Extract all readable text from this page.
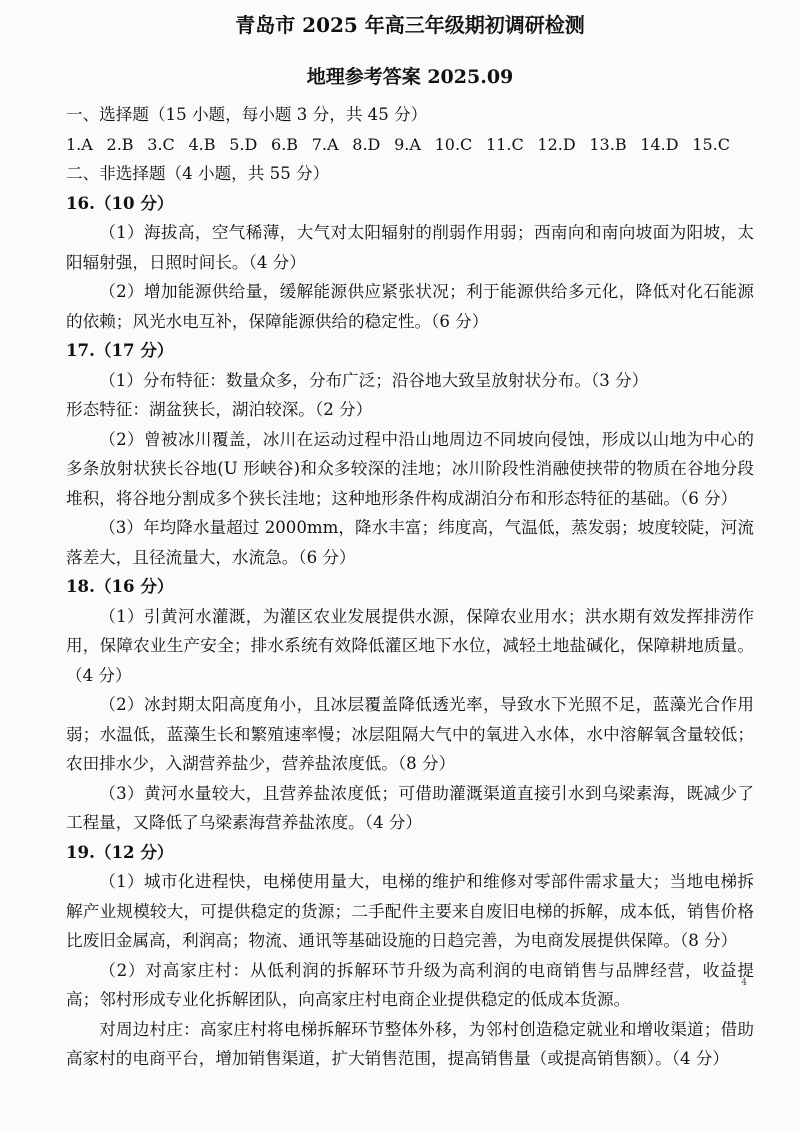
青岛市 2025 年高三年级期初调研检测
地理参考答案 2025.09
一、选择题（15 小题，每小题 3 分，共 45 分）
1.A 2.B 3.C 4.B 5.D 6.B 7.A 8.D 9.A 10.C 11.C 12.D 13.B 14.D 15.C
二、非选择题（4 小题，共 55 分）
16.（10 分）
（1）海拔高，空气稀薄，大气对太阳辐射的削弱作用弱；西南向和南向坡面为阳坡，太阳辐射强，日照时间长。（4 分）
（2）增加能源供给量，缓解能源供应紧张状况；利于能源供给多元化，降低对化石能源的依赖；风光水电互补，保障能源供给的稳定性。（6 分）
17.（17 分）
（1）分布特征：数量众多，分布广泛；沿谷地大致呈放射状分布。（3 分）
形态特征：湖盆狭长，湖泊较深。（2 分）
（2）曾被冰川覆盖，冰川在运动过程中沿山地周边不同坡向侵蚀，形成以山地为中心的多条放射状狭长谷地(U 形峡谷)和众多较深的洼地；冰川阶段性消融使挟带的物质在谷地分段堆积，将谷地分割成多个狭长洼地；这种地形条件构成湖泊分布和形态特征的基础。（6 分）
（3）年均降水量超过 2000mm，降水丰富；纬度高，气温低，蒸发弱；坡度较陡，河流落差大，且径流量大，水流急。（6 分）
18.（16 分）
（1）引黄河水灌溉，为灌区农业发展提供水源，保障农业用水；洪水期有效发挥排涝作用，保障农业生产安全；排水系统有效降低灌区地下水位，减轻土地盐碱化，保障耕地质量。（4 分）
（2）冰封期太阳高度角小，且冰层覆盖降低透光率，导致水下光照不足，蓝藻光合作用弱；水温低，蓝藻生长和繁殖速率慢；冰层阻隔大气中的氧进入水体，水中溶解氧含量较低；农田排水少，入湖营养盐少，营养盐浓度低。（8 分）
（3）黄河水量较大，且营养盐浓度低；可借助灌溉渠道直接引水到乌梁素海，既减少了工程量，又降低了乌梁素海营养盐浓度。（4 分）
19.（12 分）
（1）城市化进程快，电梯使用量大，电梯的维护和维修对零部件需求量大；当地电梯拆解产业规模较大，可提供稳定的货源；二手配件主要来自废旧电梯的拆解，成本低，销售价格比废旧金属高，利润高；物流、通讯等基础设施的日趋完善，为电商发展提供保障。（8 分）
（2）对高家庄村：从低利润的拆解环节升级为高利润的电商销售与品牌经营，收益提高；邻村形成专业化拆解团队，向高家庄村电商企业提供稳定的低成本货源。
对周边村庄：高家庄村将电梯拆解环节整体外移，为邻村创造稳定就业和增收渠道；借助高家村的电商平台，增加销售渠道，扩大销售范围，提高销售量（或提高销售额）。（4 分）
4
